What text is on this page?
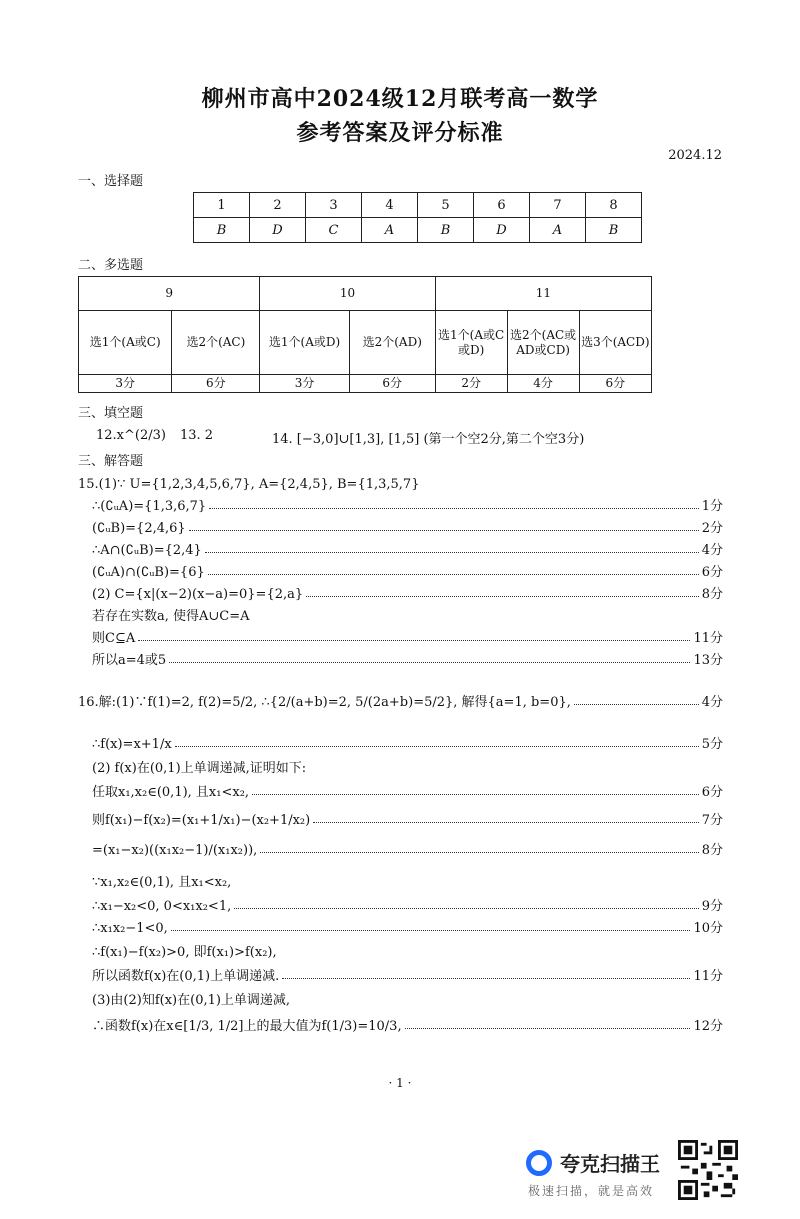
柳州市高中2024级12月联考高一数学
参考答案及评分标准
2024.12
一、选择题
1	2	3	4	5	6	7	8
B	D	C	A	B	D	A	B
二、多选题
9		10		11		
选1个(A或C)	选2个(AC)	选1个(A或D)	选2个(AD)	选1个(A或C或D)	选2个(AC或AD或CD)	选3个(ACD)
3分	6分	3分	6分	2分	4分	6分
三、填空题
12.x^(2/3) 13. 2	14. [−3,0]∪[1,3], [1,5] (第一个空2分,第二个空3分)
三、解答题
15.(1)∵ U={1,2,3,4,5,6,7}, A={2,4,5}, B={1,3,5,7}
∴(∁ᵤA)={1,3,6,7}	1分
(∁ᵤB)={2,4,6}	2分
∴A∩(∁ᵤB)={2,4}	4分
(∁ᵤA)∩(∁ᵤB)={6}	6分
(2) C={x|(x−2)(x−a)=0}={2,a}	8分
若存在实数a, 使得A∪C=A
则C⊆A	11分
所以a=4或5	13分
16.解:(1)∵f(1)=2, f(2)=5/2, ∴{2/(a+b)=2, 5/(2a+b)=5/2}, 解得{a=1, b=0},	4分
∴f(x)=x+1/x	5分
(2) f(x)在(0,1)上单调递减,证明如下:
任取x₁,x₂∈(0,1), 且x₁<x₂,	6分
则f(x₁)−f(x₂)=(x₁+1/x₁)−(x₂+1/x₂)	7分
=(x₁−x₂)((x₁x₂−1)/(x₁x₂)),	8分
∵x₁,x₂∈(0,1), 且x₁<x₂,
∴x₁−x₂<0, 0<x₁x₂<1,	9分
∴x₁x₂−1<0,	10分
∴f(x₁)−f(x₂)>0, 即f(x₁)>f(x₂),
所以函数f(x)在(0,1)上单调递减.	11分
(3)由(2)知f(x)在(0,1)上单调递减,
∴函数f(x)在x∈[1/3, 1/2]上的最大值为f(1/3)=10/3,	12分
· 1 ·
夸克扫描王
极速扫描，就是高效
